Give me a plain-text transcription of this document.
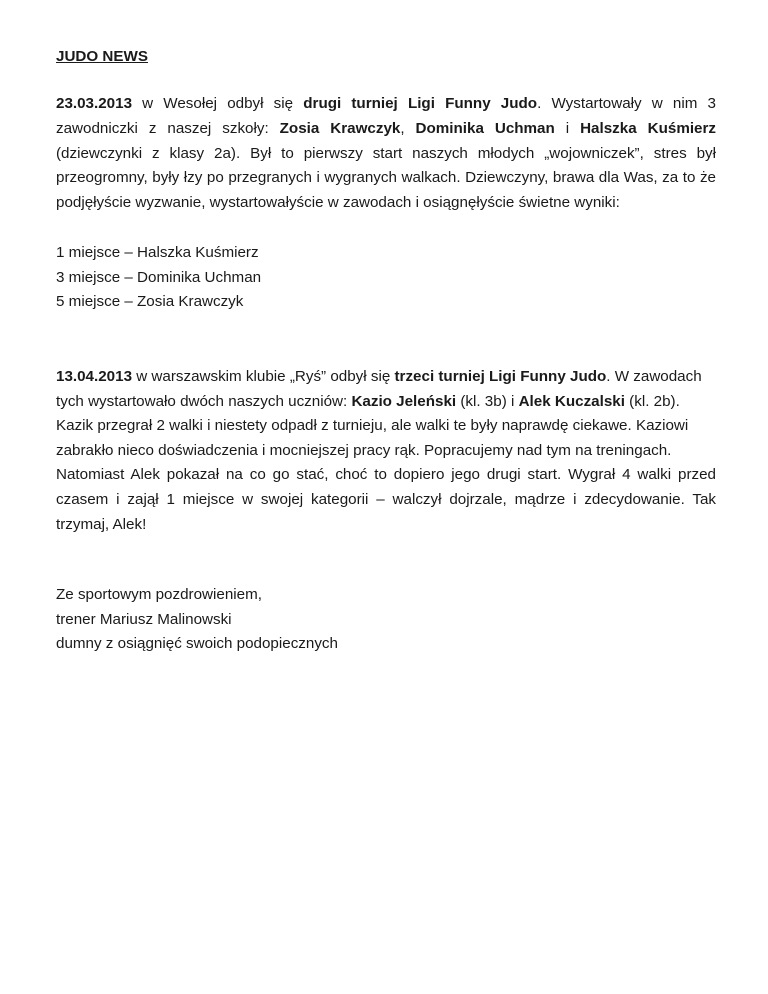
JUDO NEWS
23.03.2013 w Wesołej odbył się drugi turniej Ligi Funny Judo. Wystartowały w nim 3 zawodniczki z naszej szkoły: Zosia Krawczyk, Dominika Uchman i Halszka Kuśmierz (dziewczynki z klasy 2a). Był to pierwszy start naszych młodych „wojowniczek”, stres był przeogromny, były łzy po przegranych i wygranych walkach. Dziewczyny, brawa dla Was, za to że podjęłyście wyzwanie, wystartowałyście w zawodach i osiągnęłyście świetne wyniki:
1 miejsce – Halszka Kuśmierz
3 miejsce – Dominika Uchman
5 miejsce – Zosia Krawczyk
13.04.2013 w warszawskim klubie „Ryś” odbył się trzeci turniej Ligi Funny Judo. W zawodach
tych wystartowało dwóch naszych uczniów: Kazio Jeleński (kl. 3b) i Alek Kuczalski (kl. 2b).
Kazik przegrał 2 walki i niestety odpadł z turnieju, ale walki te były naprawdę ciekawe. Kaziowi
zabrakło nieco doświadczenia i mocniejszej pracy rąk. Popracujemy nad tym na treningach.
Natomiast Alek pokazał na co go stać, choć to dopiero jego drugi start. Wygrał 4 walki przed czasem i zajął 1 miejsce w swojej kategorii – walczył dojrzale, mądrze i zdecydowanie. Tak trzymaj, Alek!
Ze sportowym pozdrowieniem,
trener Mariusz Malinowski
dumny z osiągnięć swoich podopiecznych
